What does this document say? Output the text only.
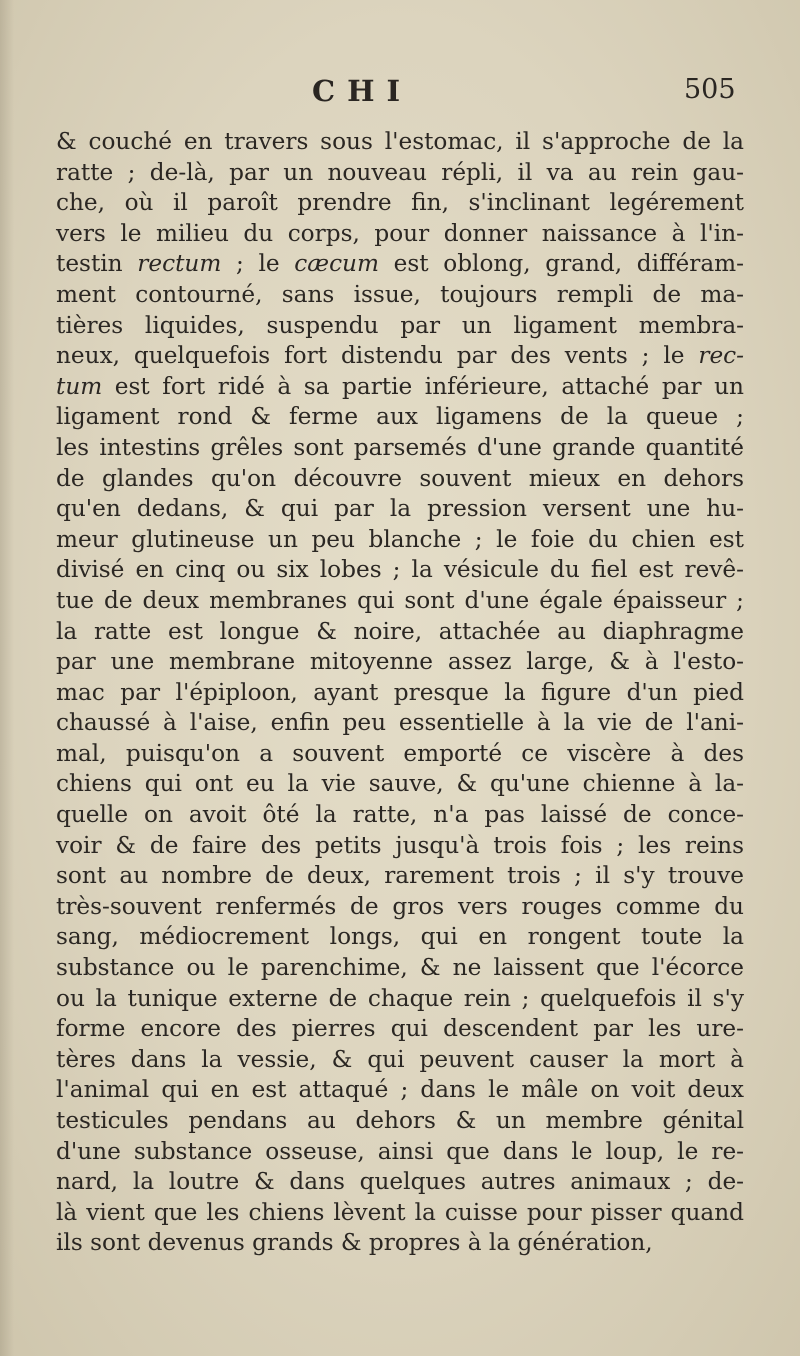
CHI	505
& couché en travers sous l'estomac, il s'approche de la
ratte ; de-là, par un nouveau répli, il va au rein gau-
che, où il paroît prendre fin, s'inclinant legérement
vers le milieu du corps, pour donner naissance à l'in-
testin rectum ; le cæcum est oblong, grand, différam-
ment contourné, sans issue, toujours rempli de ma-
tières liquides, suspendu par un ligament membra-
neux, quelquefois fort distendu par des vents ; le rec-
tum est fort ridé à sa partie inférieure, attaché par un
ligament rond & ferme aux ligamens de la queue ;
les intestins grêles sont parsemés d'une grande quantité
de glandes qu'on découvre souvent mieux en dehors
qu'en dedans, & qui par la pression versent une hu-
meur glutineuse un peu blanche ; le foie du chien est
divisé en cinq ou six lobes ; la vésicule du fiel est revê-
tue de deux membranes qui sont d'une égale épaisseur ;
la ratte est longue & noire, attachée au diaphragme
par une membrane mitoyenne assez large, & à l'esto-
mac par l'épiploon, ayant presque la figure d'un pied
chaussé à l'aise, enfin peu essentielle à la vie de l'ani-
mal, puisqu'on a souvent emporté ce viscère à des
chiens qui ont eu la vie sauve, & qu'une chienne à la-
quelle on avoit ôté la ratte, n'a pas laissé de conce-
voir & de faire des petits jusqu'à trois fois ; les reins
sont au nombre de deux, rarement trois ; il s'y trouve
très-souvent renfermés de gros vers rouges comme du
sang, médiocrement longs, qui en rongent toute la
substance ou le parenchime, & ne laissent que l'écorce
ou la tunique externe de chaque rein ; quelquefois il s'y
forme encore des pierres qui descendent par les ure-
tères dans la vessie, & qui peuvent causer la mort à
l'animal qui en est attaqué ; dans le mâle on voit deux
testicules pendans au dehors & un membre génital
d'une substance osseuse, ainsi que dans le loup, le re-
nard, la loutre & dans quelques autres animaux ; de-
là vient que les chiens lèvent la cuisse pour pisser quand
ils sont devenus grands & propres à la génération,
